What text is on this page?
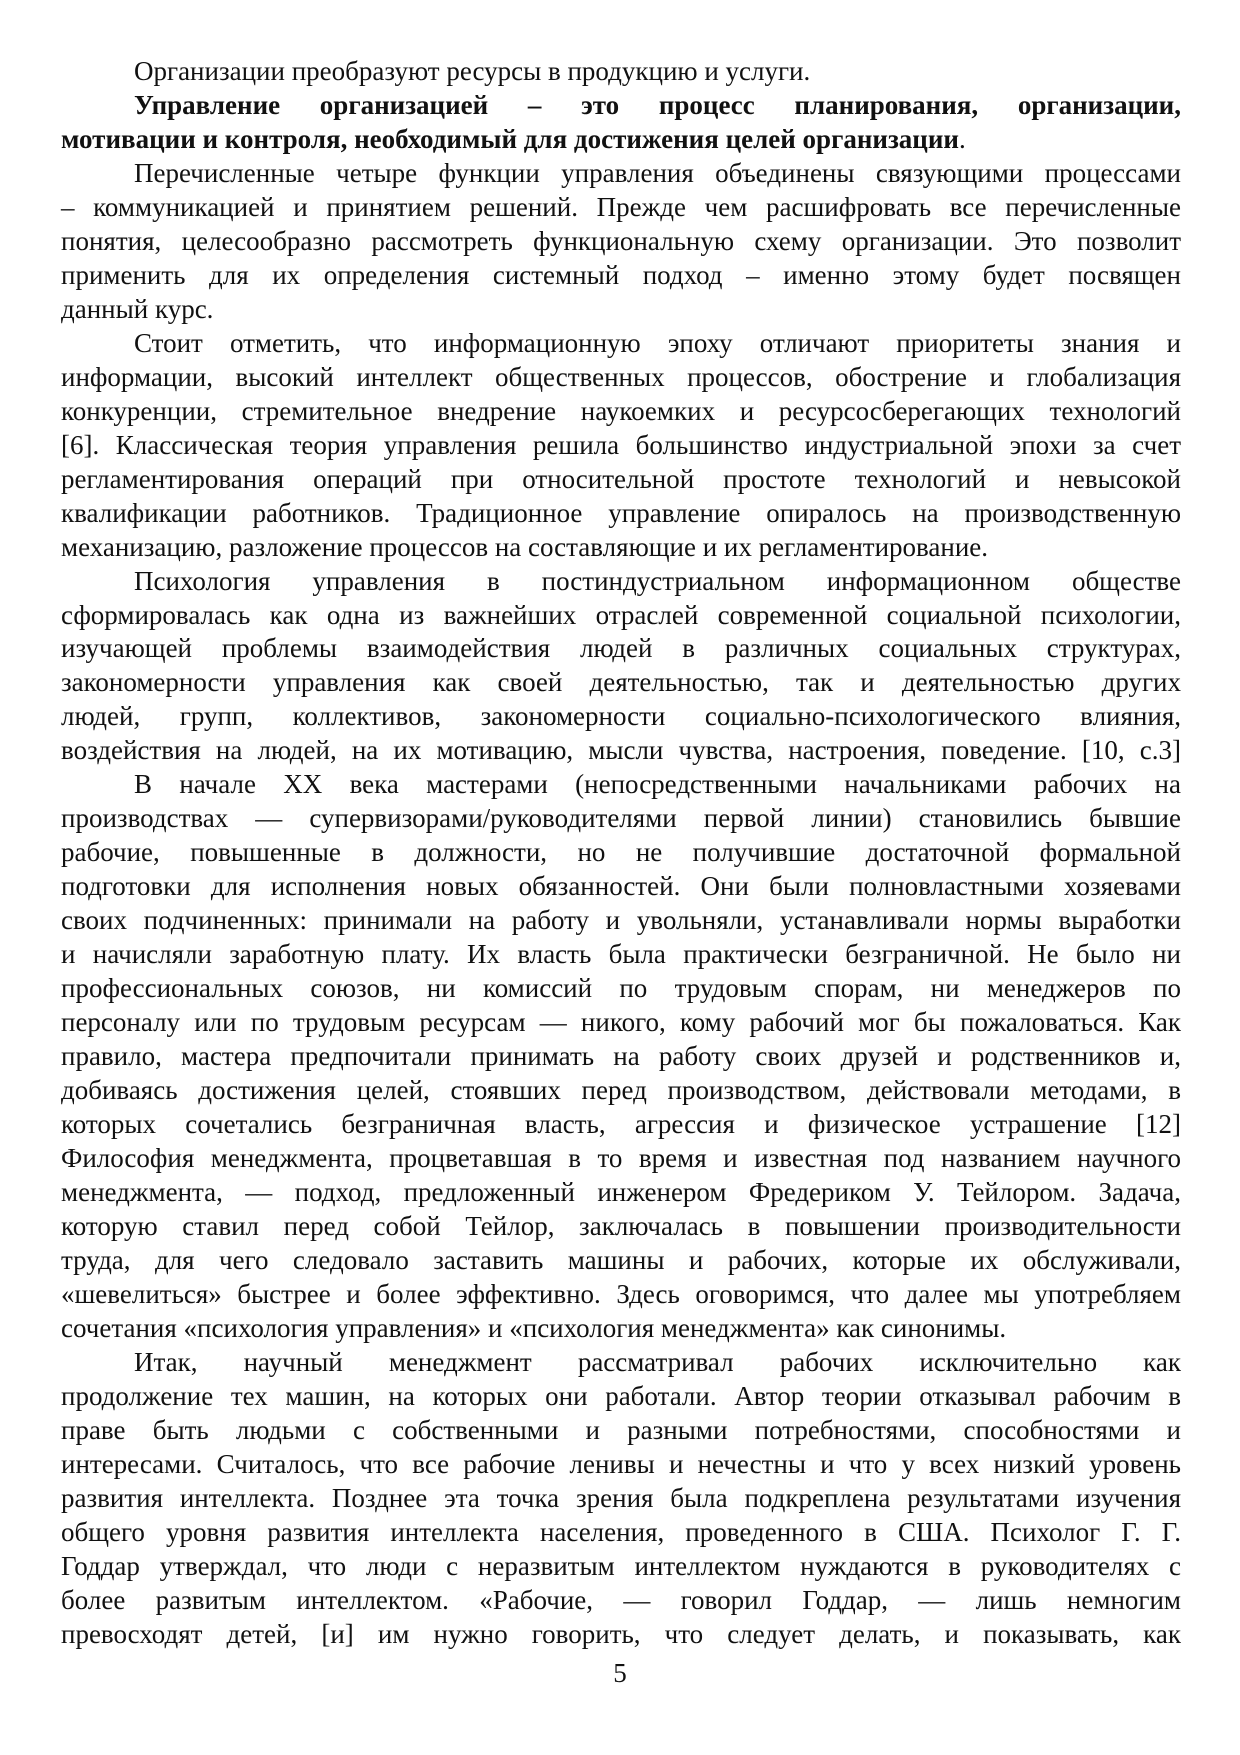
Организации преобразуют ресурсы в продукцию и услуги.
Управление организацией – это процесс планирования, организации,
мотивации и контроля, необходимый для достижения целей организации.
Перечисленные четыре функции управления объединены связующими процессами
– коммуникацией и принятием решений. Прежде чем расшифровать все перечисленные
понятия, целесообразно рассмотреть функциональную схему организации. Это позволит
применить для их определения системный подход – именно этому будет посвящен
данный курс.
Стоит отметить, что информационную эпоху отличают приоритеты знания и
информации, высокий интеллект общественных процессов, обострение и глобализация
конкуренции, стремительное внедрение наукоемких и ресурсосберегающих технологий
[6]. Классическая теория управления решила большинство индустриальной эпохи за счет
регламентирования операций при относительной простоте технологий и невысокой
квалификации работников. Традиционное управление опиралось на производственную
механизацию, разложение процессов на составляющие и их регламентирование.
Психология управления в постиндустриальном информационном обществе
сформировалась как одна из важнейших отраслей современной социальной психологии,
изучающей проблемы взаимодействия людей в различных социальных структурах,
закономерности управления как своей деятельностью, так и деятельностью других
людей, групп, коллективов, закономерности социально-психологического влияния,
воздействия на людей, на их мотивацию, мысли чувства, настроения, поведение. [10, с.3]
В начале XX века мастерами (непосредственными начальниками рабочих на
производствах — супервизорами/руководителями первой линии) становились бывшие
рабочие, повышенные в должности, но не получившие достаточной формальной
подготовки для исполнения новых обязанностей. Они были полновластными хозяевами
своих подчиненных: принимали на работу и увольняли, устанавливали нормы выработки
и начисляли заработную плату. Их власть была практически безграничной. Не было ни
профессиональных союзов, ни комиссий по трудовым спорам, ни менеджеров по
персоналу или по трудовым ресурсам — никого, кому рабочий мог бы пожаловаться. Как
правило, мастера предпочитали принимать на работу своих друзей и родственников и,
добиваясь достижения целей, стоявших перед производством, действовали методами, в
которых сочетались безграничная власть, агрессия и физическое устрашение [12]
Философия менеджмента, процветавшая в то время и известная под названием научного
менеджмента, — подход, предложенный инженером Фредериком У. Тейлором. Задача,
которую ставил перед собой Тейлор, заключалась в повышении производительности
труда, для чего следовало заставить машины и рабочих, которые их обслуживали,
«шевелиться» быстрее и более эффективно. Здесь оговоримся, что далее мы употребляем
сочетания «психология управления» и «психология менеджмента» как синонимы.
Итак, научный менеджмент рассматривал рабочих исключительно как
продолжение тех машин, на которых они работали. Автор теории отказывал рабочим в
праве быть людьми с собственными и разными потребностями, способностями и
интересами. Считалось, что все рабочие ленивы и нечестны и что у всех низкий уровень
развития интеллекта. Позднее эта точка зрения была подкреплена результатами изучения
общего уровня развития интеллекта населения, проведенного в США. Психолог Г. Г.
Годдар утверждал, что люди с неразвитым интеллектом нуждаются в руководителях с
более развитым интеллектом. «Рабочие, — говорил Годдар, — лишь немногим
превосходят детей, [и] им нужно говорить, что следует делать, и показывать, как
5
